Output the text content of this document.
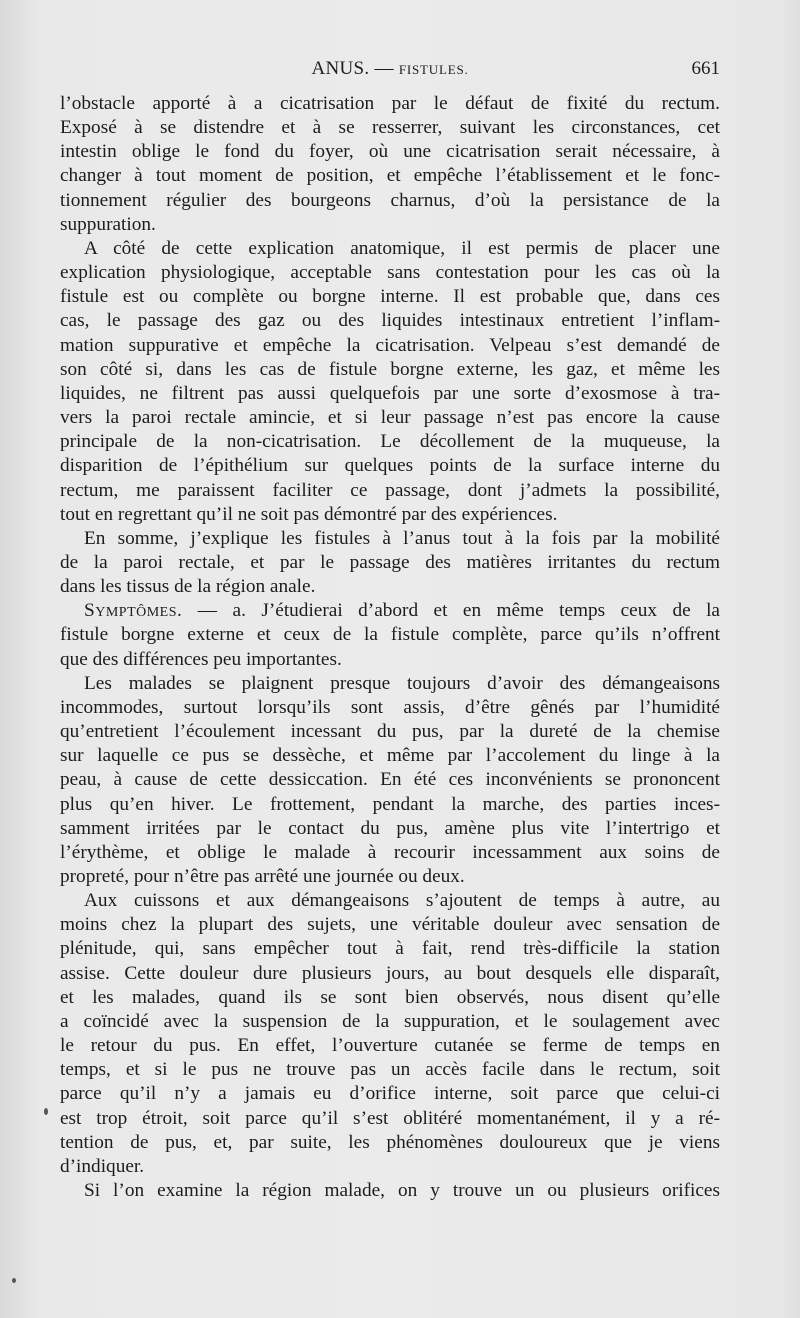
ANUS. — FISTULES.	661

l’obstacle apporté à a cicatrisation par le défaut de fixité du rectum.

Exposé à se distendre et à se resserrer, suivant les circonstances, cet

intestin oblige le fond du foyer, où une cicatrisation serait nécessaire, à

changer à tout moment de position, et empêche l’établissement et le fonc-

tionnement régulier des bourgeons charnus, d’où la persistance de la

suppuration.

A côté de cette explication anatomique, il est permis de placer une

explication physiologique, acceptable sans contestation pour les cas où la

fistule est ou complète ou borgne interne. Il est probable que, dans ces

cas, le passage des gaz ou des liquides intestinaux entretient l’inflam-

mation suppurative et empêche la cicatrisation. Velpeau s’est demandé de

son côté si, dans les cas de fistule borgne externe, les gaz, et même les

liquides, ne filtrent pas aussi quelquefois par une sorte d’exosmose à tra-

vers la paroi rectale amincie, et si leur passage n’est pas encore la cause

principale de la non-cicatrisation. Le décollement de la muqueuse, la

disparition de l’épithélium sur quelques points de la surface interne du

rectum, me paraissent faciliter ce passage, dont j’admets la possibilité,

tout en regrettant qu’il ne soit pas démontré par des expériences.

En somme, j’explique les fistules à l’anus tout à la fois par la mobilité

de la paroi rectale, et par le passage des matières irritantes du rectum

dans les tissus de la région anale.

Symptômes. — a. J’étudierai d’abord et en même temps ceux de la

fistule borgne externe et ceux de la fistule complète, parce qu’ils n’offrent

que des différences peu importantes.

Les malades se plaignent presque toujours d’avoir des démangeaisons

incommodes, surtout lorsqu’ils sont assis, d’être gênés par l’humidité

qu’entretient l’écoulement incessant du pus, par la dureté de la chemise

sur laquelle ce pus se dessèche, et même par l’accolement du linge à la

peau, à cause de cette dessiccation. En été ces inconvénients se prononcent

plus qu’en hiver. Le frottement, pendant la marche, des parties inces-

samment irritées par le contact du pus, amène plus vite l’intertrigo et

l’érythème, et oblige le malade à recourir incessamment aux soins de

propreté, pour n’être pas arrêté une journée ou deux.

Aux cuissons et aux démangeaisons s’ajoutent de temps à autre, au

moins chez la plupart des sujets, une véritable douleur avec sensation de

plénitude, qui, sans empêcher tout à fait, rend très-difficile la station

assise. Cette douleur dure plusieurs jours, au bout desquels elle disparaît,

et les malades, quand ils se sont bien observés, nous disent qu’elle

a coïncidé avec la suspension de la suppuration, et le soulagement avec

le retour du pus. En effet, l’ouverture cutanée se ferme de temps en

temps, et si le pus ne trouve pas un accès facile dans le rectum, soit

parce qu’il n’y a jamais eu d’orifice interne, soit parce que celui-ci

est trop étroit, soit parce qu’il s’est oblitéré momentanément, il y a ré-

tention de pus, et, par suite, les phénomènes douloureux que je viens

d’indiquer.

Si l’on examine la région malade, on y trouve un ou plusieurs orifices
